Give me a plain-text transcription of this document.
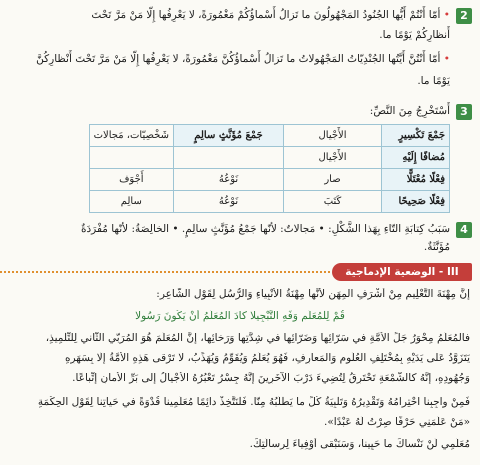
2
• أمّا أَنْتُمْ أَيُّها الجُنُودُ المَجْهُولُونَ ما تَزالُ أَسْماؤُكُمْ مَغْمُورَةً، لا يَعْرِفُها إِلّا مَنْ مَرَّ تَحْتَ
أَنظارِكُمْ يَوْمًا ما.
• أمّا أَنْتُنَّ أَيَّتُها الجُنْدِيّاتُ المَجْهُولاتُ ما تَزالُ أَسْماؤُكُنَّ مَغْمُورَةً، لا يَعْرِفُها إِلّا مَنْ مَرَّ تَحْتَ أَنْظارِكُنَّ
يَوْمًا ما.
3
أَسْتَخْرِجُ مِنَ النَّصِّ:
جَمْعَ تَكْسِيرٍ	الأَجْيال	جَمْعَ مُؤَنَّثٍ سالِمٍ	شَخْصِيّات، مَجالات
مُضافًا إِلَيْهِ	الأَجْيال		
فِعْلًا مُعْتَلًّا	صار	نَوْعُهُ	أَجْوَف
فِعْلًا صَحِيحًا	كَتَبَ	نَوْعُهُ	سالِم
4
سَبَبُ كِتابَةِ التّاءِ بِهَذا الشَّكْلِ: • مَجالاتٌ: لأنّها جَمْعُ مُؤَنَّثٍ سالِمٍ. • الخالِصَةُ: لأنّها مُفْرَدَةٌ
مُؤَنَّثَةٌ.
III - الوضعية الإدماجية
إِنَّ مِهْنَةَ التَّعْلِيمِ مِنْ أَشْرَفِ المِهَنِ لأَنَّها مِهْنَةُ الأَنْبِياءِ وَالرُّسُلِ لِقَوْلِ الشّاعِرِ:
قُمْ لِلْمُعَلِّمِ وَفِّهِ التَّبْجِيلا كادَ المُعَلِّمُ أَنْ يَكُونَ رَسُولا
فالمُعَلِّمُ مِحْوَرُ جَلِّ الأُمَّةِ في سَرّائِها وَضَرّائِها في شِدَّتِها وَرَخائِها، إِنَّ المُعَلِّمَ هُوَ المُرَبّي الثّاني لِلتِّلْمِيذِ،
يَتَزَوَّدُ عَلى يَدَيْهِ بِمُخْتَلِفِ العُلُومِ وَالمَعارِفِ، فَهُوَ يُعَلِّمُ وَيُقَوِّمُ وَيُهَذِّبُ، لا تَرْقى هَذِهِ الأُمَّةُ إِلّا بِسَهَرِهِ
وَجُهُودِهِ، إِنَّهُ كالشَّمْعَةِ تَحْتَرِقُ لِتُضِيءَ دَرْبَ الآخَرِينَ إِنَّهُ جِسْرُ تَعْبُرُهُ الأَجْيالُ إِلى بَرِّ الأَمانِ إِتِّباعًا.
فَمِنْ واجِبِنا احْتِرامُهُ وَتَقْدِيرُهُ وَتَلْبِيَةُ كُلِّ ما يَطْلُبُهُ مِنّا. فَلْنَتَّخِذْ دائِمًا مُعَلِّمِينا قُدْوَةً في حَياتِنا لِقَوْلِ الحِكْمَةِ
«مَنْ عَلَّمَنِي حَرْفًا صِرْتُ لَهُ عَبْدًا».
مُعَلِّمِي لَنْ نَنْساكَ ما حَيِينا، وَسَنَبْقى أَوْفِياءَ لِرِسالَتِكَ.
